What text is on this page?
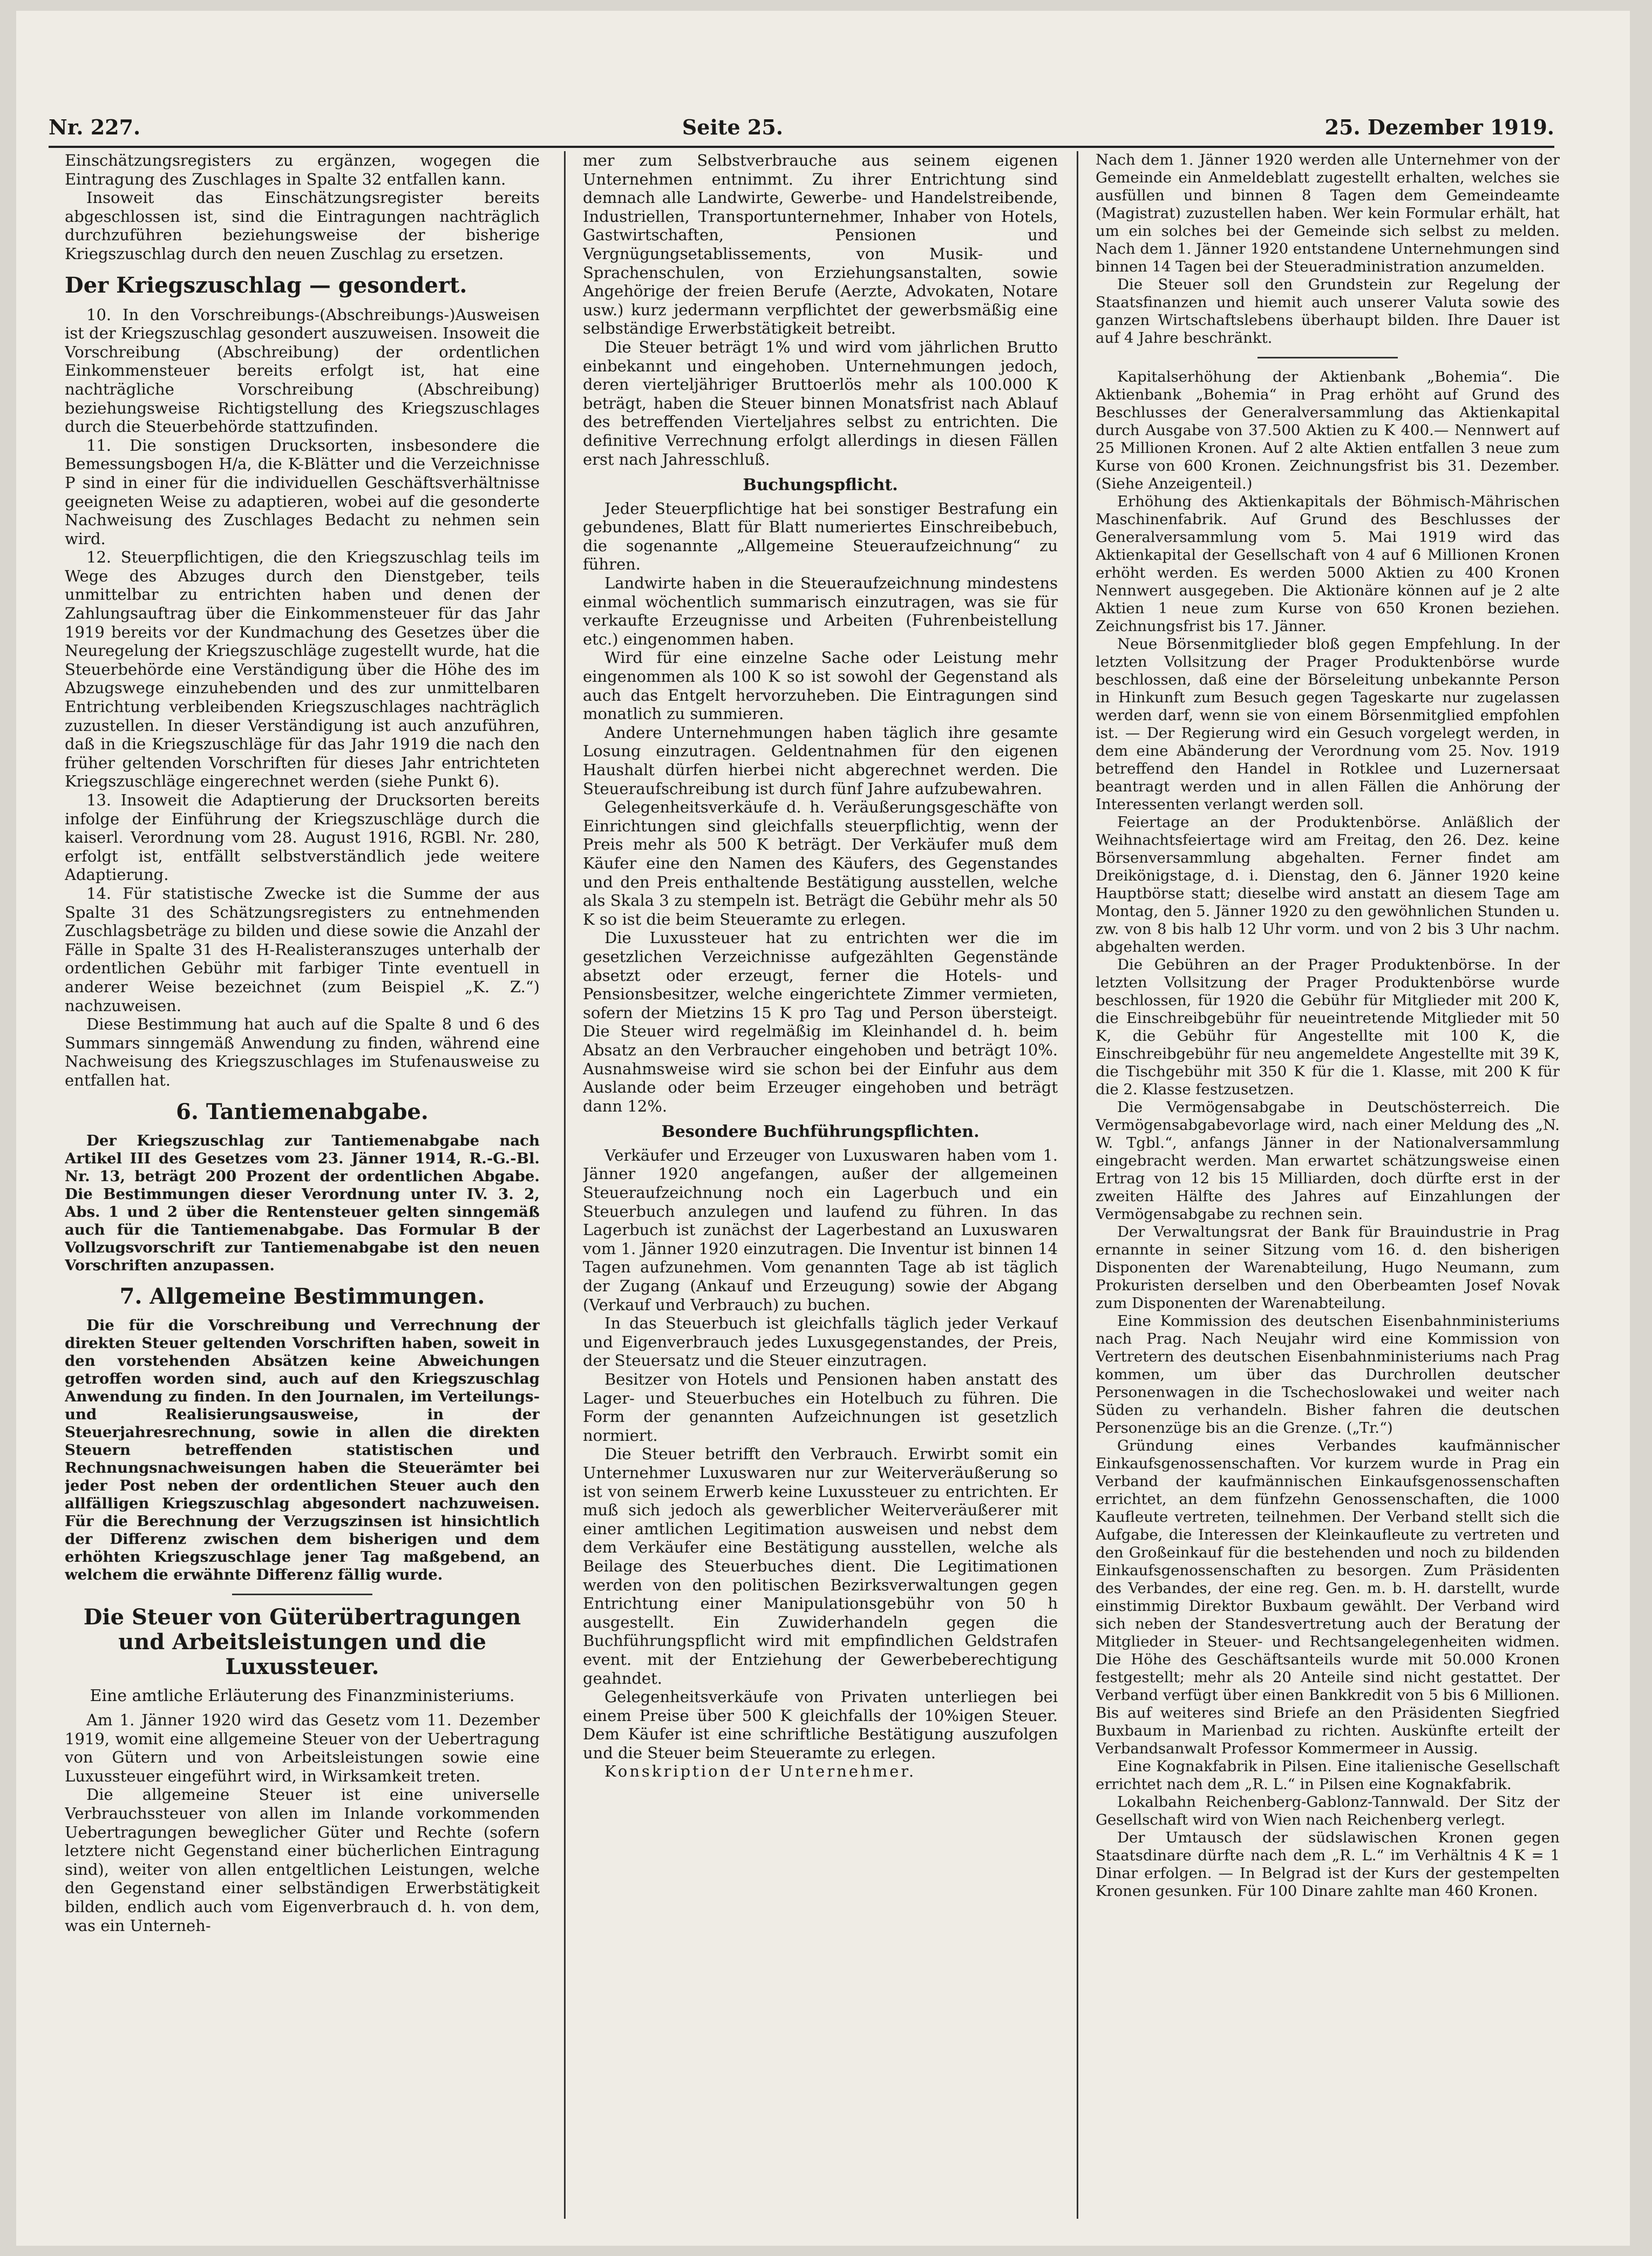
Nr. 227.	Seite 25.	25. Dezember 1919.

Einschätzungsregisters zu ergänzen, wogegen die Eintragung des Zuschlages in Spalte 32 entfallen kann.

Insoweit das Einschätzungsregister bereits abgeschlossen ist, sind die Eintragungen nachträglich durchzuführen beziehungsweise der bisherige Kriegszuschlag durch den neuen Zuschlag zu ersetzen.

Der Kriegszuschlag — gesondert.

10. In den Vorschreibungs-(Abschreibungs-)Ausweisen ist der Kriegszuschlag gesondert auszuweisen. Insoweit die Vorschreibung (Abschreibung) der ordentlichen Einkommensteuer bereits erfolgt ist, hat eine nachträgliche Vorschreibung (Abschreibung) beziehungsweise Richtigstellung des Kriegszuschlages durch die Steuerbehörde stattzufinden.

11. Die sonstigen Drucksorten, insbesondere die Bemessungsbogen H/a, die K-Blätter und die Verzeichnisse P sind in einer für die individuellen Geschäftsverhältnisse geeigneten Weise zu adaptieren, wobei auf die gesonderte Nachweisung des Zuschlages Bedacht zu nehmen sein wird.

12. Steuerpflichtigen, die den Kriegszuschlag teils im Wege des Abzuges durch den Dienstgeber, teils unmittelbar zu entrichten haben und denen der Zahlungsauftrag über die Einkommensteuer für das Jahr 1919 bereits vor der Kundmachung des Gesetzes über die Neuregelung der Kriegszuschläge zugestellt wurde, hat die Steuerbehörde eine Verständigung über die Höhe des im Abzugswege einzuhebenden und des zur unmittelbaren Entrichtung verbleibenden Kriegszuschlages nachträglich zuzustellen. In dieser Verständigung ist auch anzuführen, daß in die Kriegszuschläge für das Jahr 1919 die nach den früher geltenden Vorschriften für dieses Jahr entrichteten Kriegszuschläge eingerechnet werden (siehe Punkt 6).

13. Insoweit die Adaptierung der Drucksorten bereits infolge der Einführung der Kriegszuschläge durch die kaiserl. Verordnung vom 28. August 1916, RGBl. Nr. 280, erfolgt ist, entfällt selbstverständlich jede weitere Adaptierung.

14. Für statistische Zwecke ist die Summe der aus Spalte 31 des Schätzungsregisters zu entnehmenden Zuschlagsbeträge zu bilden und diese sowie die Anzahl der Fälle in Spalte 31 des H-Realisteranszuges unterhalb der ordentlichen Gebühr mit farbiger Tinte eventuell in anderer Weise bezeichnet (zum Beispiel „K. Z.“) nachzuweisen.

Diese Bestimmung hat auch auf die Spalte 8 und 6 des Summars sinngemäß Anwendung zu finden, während eine Nachweisung des Kriegszuschlages im Stufenausweise zu entfallen hat.

6. Tantiemenabgabe.

Der Kriegszuschlag zur Tantiemenabgabe nach Artikel III des Gesetzes vom 23. Jänner 1914, R.-G.-Bl. Nr. 13, beträgt 200 Prozent der ordentlichen Abgabe. Die Bestimmungen dieser Verordnung unter IV. 3. 2, Abs. 1 und 2 über die Rentensteuer gelten sinngemäß auch für die Tantiemenabgabe. Das Formular B der Vollzugsvorschrift zur Tantiemenabgabe ist den neuen Vorschriften anzupassen.

7. Allgemeine Bestimmungen.

Die für die Vorschreibung und Verrechnung der direkten Steuer geltenden Vorschriften haben, soweit in den vorstehenden Absätzen keine Abweichungen getroffen worden sind, auch auf den Kriegszuschlag Anwendung zu finden. In den Journalen, im Verteilungs- und Realisierungsausweise, in der Steuerjahresrechnung, sowie in allen die direkten Steuern betreffenden statistischen und Rechnungsnachweisungen haben die Steuerämter bei jeder Post neben der ordentlichen Steuer auch den allfälligen Kriegszuschlag abgesondert nachzuweisen. Für die Berechnung der Verzugszinsen ist hinsichtlich der Differenz zwischen dem bisherigen und dem erhöhten Kriegszuschlage jener Tag maßgebend, an welchem die erwähnte Differenz fällig wurde.

Die Steuer von Güterübertragungen und Arbeitsleistungen und die Luxussteuer.
Eine amtliche Erläuterung des Finanzministeriums.

Am 1. Jänner 1920 wird das Gesetz vom 11. Dezember 1919, womit eine allgemeine Steuer von der Uebertragung von Gütern und von Arbeitsleistungen sowie eine Luxussteuer eingeführt wird, in Wirksamkeit treten.

Die allgemeine Steuer ist eine universelle Verbrauchssteuer von allen im Inlande vorkommenden Uebertragungen beweglicher Güter und Rechte (sofern letztere nicht Gegenstand einer bücherlichen Eintragung sind), weiter von allen entgeltlichen Leistungen, welche den Gegenstand einer selbständigen Erwerbstätigkeit bilden, endlich auch vom Eigenverbrauch d. h. von dem, was ein Unterneh-

mer zum Selbstverbrauche aus seinem eigenen Unternehmen entnimmt. Zu ihrer Entrichtung sind demnach alle Landwirte, Gewerbe- und Handelstreibende, Industriellen, Transportunternehmer, Inhaber von Hotels, Gastwirtschaften, Pensionen und Vergnügungsetablissements, von Musik- und Sprachenschulen, von Erziehungsanstalten, sowie Angehörige der freien Berufe (Aerzte, Advokaten, Notare usw.) kurz jedermann verpflichtet der gewerbsmäßig eine selbständige Erwerbstätigkeit betreibt.

Die Steuer beträgt 1% und wird vom jährlichen Brutto einbekannt und eingehoben. Unternehmungen jedoch, deren vierteljähriger Bruttoerlös mehr als 100.000 K beträgt, haben die Steuer binnen Monatsfrist nach Ablauf des betreffenden Vierteljahres selbst zu entrichten. Die definitive Verrechnung erfolgt allerdings in diesen Fällen erst nach Jahresschluß.

Buchungspflicht.

Jeder Steuerpflichtige hat bei sonstiger Bestrafung ein gebundenes, Blatt für Blatt numeriertes Einschreibebuch, die sogenannte „Allgemeine Steueraufzeichnung“ zu führen.

Landwirte haben in die Steueraufzeichnung mindestens einmal wöchentlich summarisch einzutragen, was sie für verkaufte Erzeugnisse und Arbeiten (Fuhrenbeistellung etc.) eingenommen haben.

Wird für eine einzelne Sache oder Leistung mehr eingenommen als 100 K so ist sowohl der Gegenstand als auch das Entgelt hervorzuheben. Die Eintragungen sind monatlich zu summieren.

Andere Unternehmungen haben täglich ihre gesamte Losung einzutragen. Geldentnahmen für den eigenen Haushalt dürfen hierbei nicht abgerechnet werden. Die Steueraufschreibung ist durch fünf Jahre aufzubewahren.

Gelegenheitsverkäufe d. h. Veräußerungsgeschäfte von Einrichtungen sind gleichfalls steuerpflichtig, wenn der Preis mehr als 500 K beträgt. Der Verkäufer muß dem Käufer eine den Namen des Käufers, des Gegenstandes und den Preis enthaltende Bestätigung ausstellen, welche als Skala 3 zu stempeln ist. Beträgt die Gebühr mehr als 50 K so ist die beim Steueramte zu erlegen.

Die Luxussteuer hat zu entrichten wer die im gesetzlichen Verzeichnisse aufgezählten Gegenstände absetzt oder erzeugt, ferner die Hotels- und Pensionsbesitzer, welche eingerichtete Zimmer vermieten, sofern der Mietzins 15 K pro Tag und Person übersteigt. Die Steuer wird regelmäßig im Kleinhandel d. h. beim Absatz an den Verbraucher eingehoben und beträgt 10%. Ausnahmsweise wird sie schon bei der Einfuhr aus dem Auslande oder beim Erzeuger eingehoben und beträgt dann 12%.

Besondere Buchführungspflichten.

Verkäufer und Erzeuger von Luxuswaren haben vom 1. Jänner 1920 angefangen, außer der allgemeinen Steueraufzeichnung noch ein Lagerbuch und ein Steuerbuch anzulegen und laufend zu führen. In das Lagerbuch ist zunächst der Lagerbestand an Luxuswaren vom 1. Jänner 1920 einzutragen. Die Inventur ist binnen 14 Tagen aufzunehmen. Vom genannten Tage ab ist täglich der Zugang (Ankauf und Erzeugung) sowie der Abgang (Verkauf und Verbrauch) zu buchen.

In das Steuerbuch ist gleichfalls täglich jeder Verkauf und Eigenverbrauch jedes Luxusgegenstandes, der Preis, der Steuersatz und die Steuer einzutragen.

Besitzer von Hotels und Pensionen haben anstatt des Lager- und Steuerbuches ein Hotelbuch zu führen. Die Form der genannten Aufzeichnungen ist gesetzlich normiert.

Die Steuer betrifft den Verbrauch. Erwirbt somit ein Unternehmer Luxuswaren nur zur Weiterveräußerung so ist von seinem Erwerb keine Luxussteuer zu entrichten. Er muß sich jedoch als gewerblicher Weiterveräußerer mit einer amtlichen Legitimation ausweisen und nebst dem dem Verkäufer eine Bestätigung ausstellen, welche als Beilage des Steuerbuches dient. Die Legitimationen werden von den politischen Bezirksverwaltungen gegen Entrichtung einer Manipulationsgebühr von 50 h ausgestellt. Ein Zuwiderhandeln gegen die Buchführungspflicht wird mit empfindlichen Geldstrafen event. mit der Entziehung der Gewerbeberechtigung geahndet.

Gelegenheitsverkäufe von Privaten unterliegen bei einem Preise über 500 K gleichfalls der 10%igen Steuer. Dem Käufer ist eine schriftliche Bestätigung auszufolgen und die Steuer beim Steueramte zu erlegen.

Konskription der Unternehmer.

Nach dem 1. Jänner 1920 werden alle Unternehmer von der Gemeinde ein Anmeldeblatt zugestellt erhalten, welches sie ausfüllen und binnen 8 Tagen dem Gemeindeamte (Magistrat) zuzustellen haben. Wer kein Formular erhält, hat um ein solches bei der Gemeinde sich selbst zu melden. Nach dem 1. Jänner 1920 entstandene Unternehmungen sind binnen 14 Tagen bei der Steueradministration anzumelden.

Die Steuer soll den Grundstein zur Regelung der Staatsfinanzen und hiemit auch unserer Valuta sowie des ganzen Wirtschaftslebens überhaupt bilden. Ihre Dauer ist auf 4 Jahre beschränkt.

Kapitalserhöhung der Aktienbank „Bohemia“. Die Aktienbank „Bohemia“ in Prag erhöht auf Grund des Beschlusses der Generalversammlung das Aktienkapital durch Ausgabe von 37.500 Aktien zu K 400.— Nennwert auf 25 Millionen Kronen. Auf 2 alte Aktien entfallen 3 neue zum Kurse von 600 Kronen. Zeichnungsfrist bis 31. Dezember. (Siehe Anzeigenteil.)

Erhöhung des Aktienkapitals der Böhmisch-Mährischen Maschinenfabrik. Auf Grund des Beschlusses der Generalversammlung vom 5. Mai 1919 wird das Aktienkapital der Gesellschaft von 4 auf 6 Millionen Kronen erhöht werden. Es werden 5000 Aktien zu 400 Kronen Nennwert ausgegeben. Die Aktionäre können auf je 2 alte Aktien 1 neue zum Kurse von 650 Kronen beziehen. Zeichnungsfrist bis 17. Jänner.

Neue Börsenmitglieder bloß gegen Empfehlung. In der letzten Vollsitzung der Prager Produktenbörse wurde beschlossen, daß eine der Börseleitung unbekannte Person in Hinkunft zum Besuch gegen Tageskarte nur zugelassen werden darf, wenn sie von einem Börsenmitglied empfohlen ist. — Der Regierung wird ein Gesuch vorgelegt werden, in dem eine Abänderung der Verordnung vom 25. Nov. 1919 betreffend den Handel in Rotklee und Luzernersaat beantragt werden und in allen Fällen die Anhörung der Interessenten verlangt werden soll.

Feiertage an der Produktenbörse. Anläßlich der Weihnachtsfeiertage wird am Freitag, den 26. Dez. keine Börsenversammlung abgehalten. Ferner findet am Dreikönigstage, d. i. Dienstag, den 6. Jänner 1920 keine Hauptbörse statt; dieselbe wird anstatt an diesem Tage am Montag, den 5. Jänner 1920 zu den gewöhnlichen Stunden u. zw. von 8 bis halb 12 Uhr vorm. und von 2 bis 3 Uhr nachm. abgehalten werden.

Die Gebühren an der Prager Produktenbörse. In der letzten Vollsitzung der Prager Produktenbörse wurde beschlossen, für 1920 die Gebühr für Mitglieder mit 200 K, die Einschreibgebühr für neueintretende Mitglieder mit 50 K, die Gebühr für Angestellte mit 100 K, die Einschreibgebühr für neu angemeldete Angestellte mit 39 K, die Tischgebühr mit 350 K für die 1. Klasse, mit 200 K für die 2. Klasse festzusetzen.

Die Vermögensabgabe in Deutschösterreich. Die Vermögensabgabevorlage wird, nach einer Meldung des „N. W. Tgbl.“, anfangs Jänner in der Nationalversammlung eingebracht werden. Man erwartet schätzungsweise einen Ertrag von 12 bis 15 Milliarden, doch dürfte erst in der zweiten Hälfte des Jahres auf Einzahlungen der Vermögensabgabe zu rechnen sein.

Der Verwaltungsrat der Bank für Brauindustrie in Prag ernannte in seiner Sitzung vom 16. d. den bisherigen Disponenten der Warenabteilung, Hugo Neumann, zum Prokuristen derselben und den Oberbeamten Josef Novak zum Disponenten der Warenabteilung.

Eine Kommission des deutschen Eisenbahnministeriums nach Prag. Nach Neujahr wird eine Kommission von Vertretern des deutschen Eisenbahnministeriums nach Prag kommen, um über das Durchrollen deutscher Personenwagen in die Tschechoslowakei und weiter nach Süden zu verhandeln. Bisher fahren die deutschen Personenzüge bis an die Grenze. („Tr.“)

Gründung eines Verbandes kaufmännischer Einkaufsgenossenschaften. Vor kurzem wurde in Prag ein Verband der kaufmännischen Einkaufsgenossenschaften errichtet, an dem fünfzehn Genossenschaften, die 1000 Kaufleute vertreten, teilnehmen. Der Verband stellt sich die Aufgabe, die Interessen der Kleinkaufleute zu vertreten und den Großeinkauf für die bestehenden und noch zu bildenden Einkaufsgenossenschaften zu besorgen. Zum Präsidenten des Verbandes, der eine reg. Gen. m. b. H. darstellt, wurde einstimmig Direktor Buxbaum gewählt. Der Verband wird sich neben der Standesvertretung auch der Beratung der Mitglieder in Steuer- und Rechtsangelegenheiten widmen. Die Höhe des Geschäftsanteils wurde mit 50.000 Kronen festgestellt; mehr als 20 Anteile sind nicht gestattet. Der Verband verfügt über einen Bankkredit von 5 bis 6 Millionen. Bis auf weiteres sind Briefe an den Präsidenten Siegfried Buxbaum in Marienbad zu richten. Auskünfte erteilt der Verbandsanwalt Professor Kommermeer in Aussig.

Eine Kognakfabrik in Pilsen. Eine italienische Gesellschaft errichtet nach dem „R. L.“ in Pilsen eine Kognakfabrik.

Lokalbahn Reichenberg-Gablonz-Tannwald. Der Sitz der Gesellschaft wird von Wien nach Reichenberg verlegt.

Der Umtausch der südslawischen Kronen gegen Staatsdinare dürfte nach dem „R. L.“ im Verhältnis 4 K = 1 Dinar erfolgen. — In Belgrad ist der Kurs der gestempelten Kronen gesunken. Für 100 Dinare zahlte man 460 Kronen.
